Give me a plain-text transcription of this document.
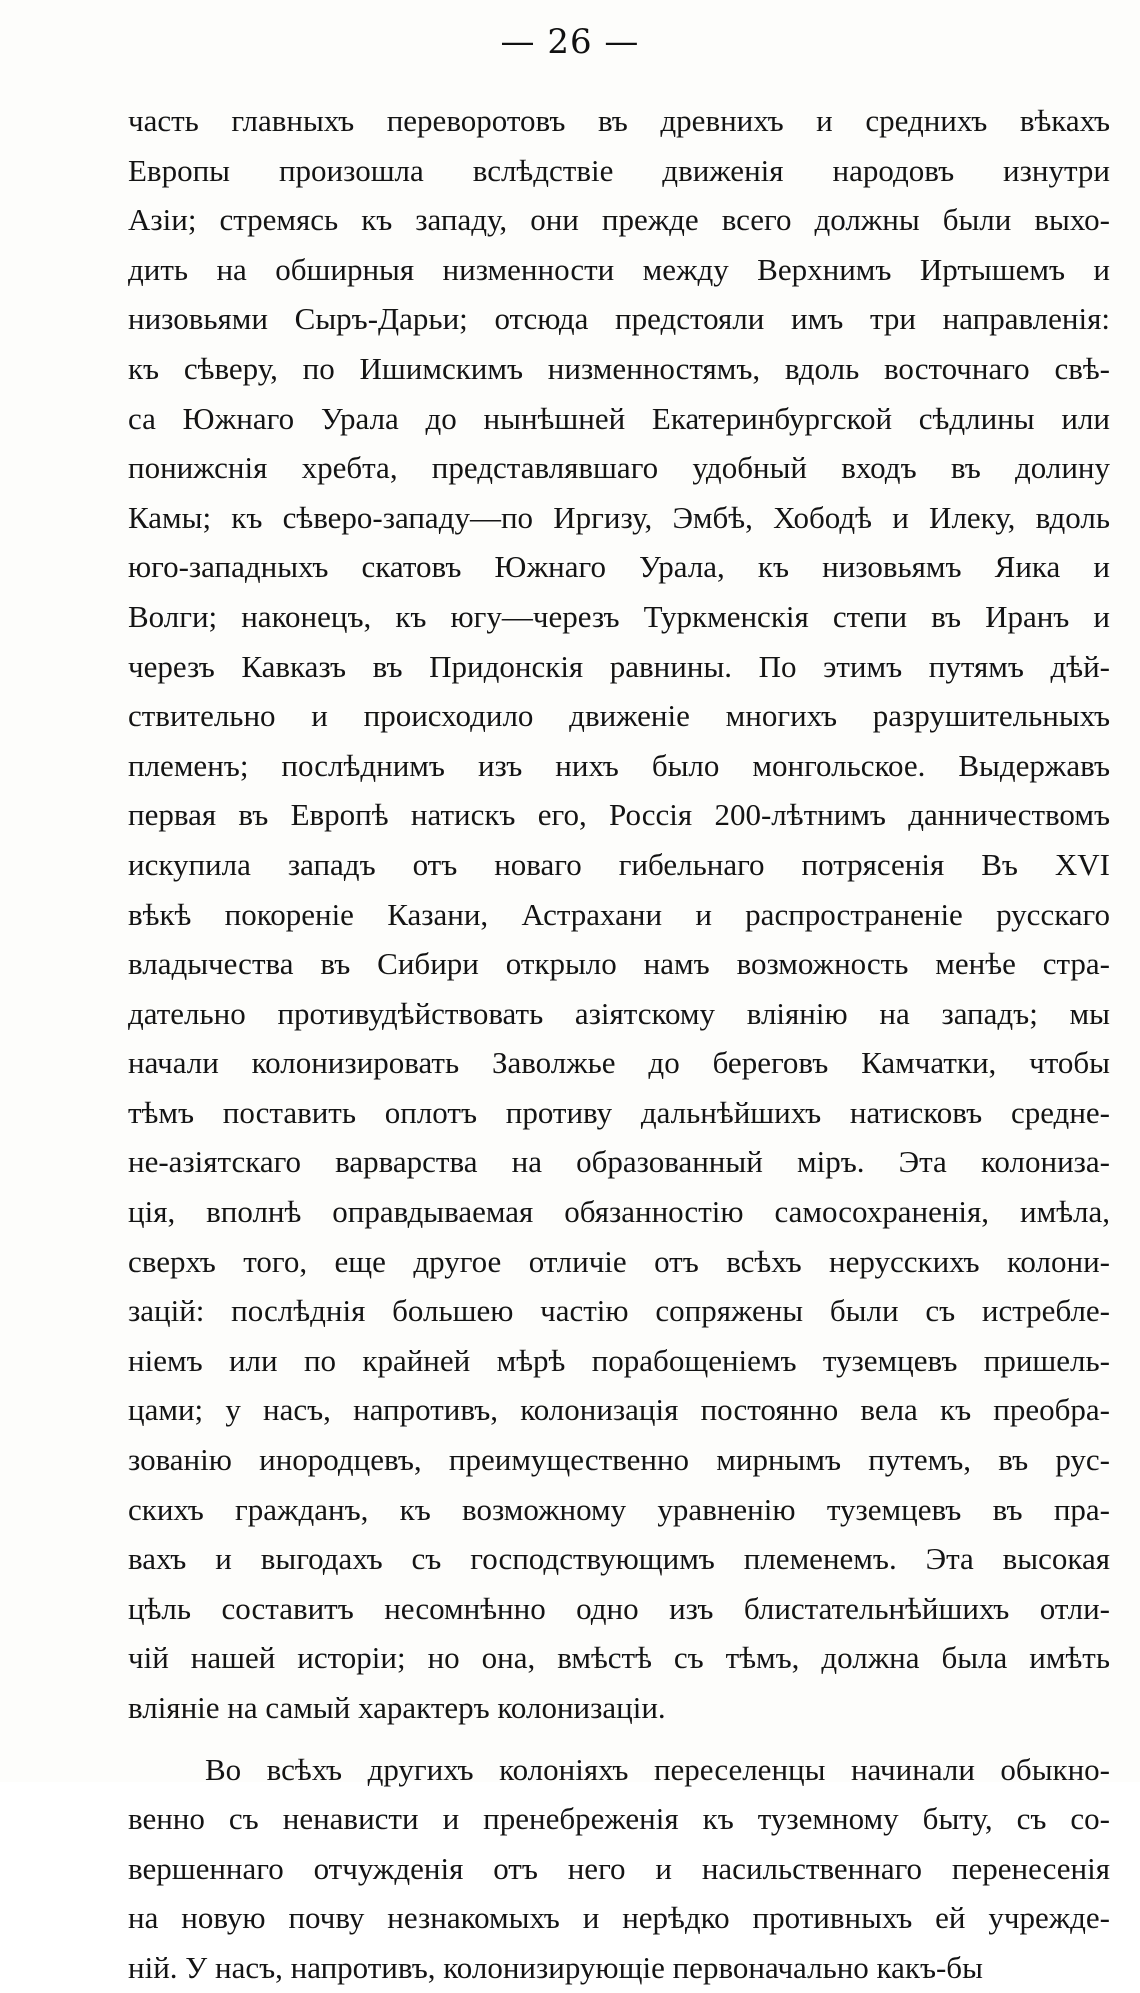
— 26 —
часть главныхъ переворотовъ въ древнихъ и среднихъ вѣкахъ
Европы произошла вслѣдствіе движенія народовъ изнутри
Азіи; стремясь къ западу, они прежде всего должны были выхо-
дить на обширныя низменности между Верхнимъ Иртышемъ и
низовьями Сыръ-Дарьи; отсюда предстояли имъ три направленія:
къ сѣверу, по Ишимскимъ низменностямъ, вдоль восточнаго свѣ-
са Южнаго Урала до нынѣшней Екатеринбургской сѣдлины или
понижснія хребта, представлявшаго удобный входъ въ долину
Камы; къ сѣверо-западу—по Иргизу, Эмбѣ, Хободѣ и Илеку, вдоль
юго-западныхъ скатовъ Южнаго Урала, къ низовьямъ Яика и
Волги; наконецъ, къ югу—черезъ Туркменскія степи въ Иранъ и
черезъ Кавказъ въ Придонскія равнины. По этимъ путямъ дѣй-
ствительно и происходило движеніе многихъ разрушительныхъ
племенъ; послѣднимъ изъ нихъ было монгольское. Выдержавъ
первая въ Европѣ натискъ его, Россія 200-лѣтнимъ данничествомъ
искупила западъ отъ новаго гибельнаго потрясенія Въ XVI
вѣкѣ покореніе Казани, Астрахани и распространеніе русскаго
владычества въ Сибири открыло намъ возможность менѣе стра-
дательно противудѣйствовать азіятскому вліянію на западъ; мы
начали колонизировать Заволжье до береговъ Камчатки, чтобы
тѣмъ поставить оплотъ противу дальнѣйшихъ натисковъ средне-
не-азіятскаго варварства на образованный міръ. Эта колониза-
ція, вполнѣ оправдываемая обязанностію самосохраненія, имѣла,
сверхъ того, еще другое отличіе отъ всѣхъ нерусскихъ колони-
зацій: послѣднія большею частію сопряжены были съ истребле-
ніемъ или по крайней мѣрѣ порабощеніемъ туземцевъ пришель-
цами; у насъ, напротивъ, колонизація постоянно вела къ преобра-
зованію инородцевъ, преимущественно мирнымъ путемъ, въ рус-
скихъ гражданъ, къ возможному уравненію туземцевъ въ пра-
вахъ и выгодахъ съ господствующимъ племенемъ. Эта высокая
цѣль составитъ несомнѣнно одно изъ блистательнѣйшихъ отли-
чій нашей исторіи; но она, вмѣстѣ съ тѣмъ, должна была имѣть
вліяніе на самый характеръ колонизаціи.
Во всѣхъ другихъ колоніяхъ переселенцы начинали обыкно-
венно съ ненависти и пренебреженія къ туземному быту, съ со-
вершеннаго отчужденія отъ него и насильственнаго перенесенія
на новую почву незнакомыхъ и нерѣдко противныхъ ей учрежде-
ній. У насъ, напротивъ, колонизирующіе первоначально какъ-бы
